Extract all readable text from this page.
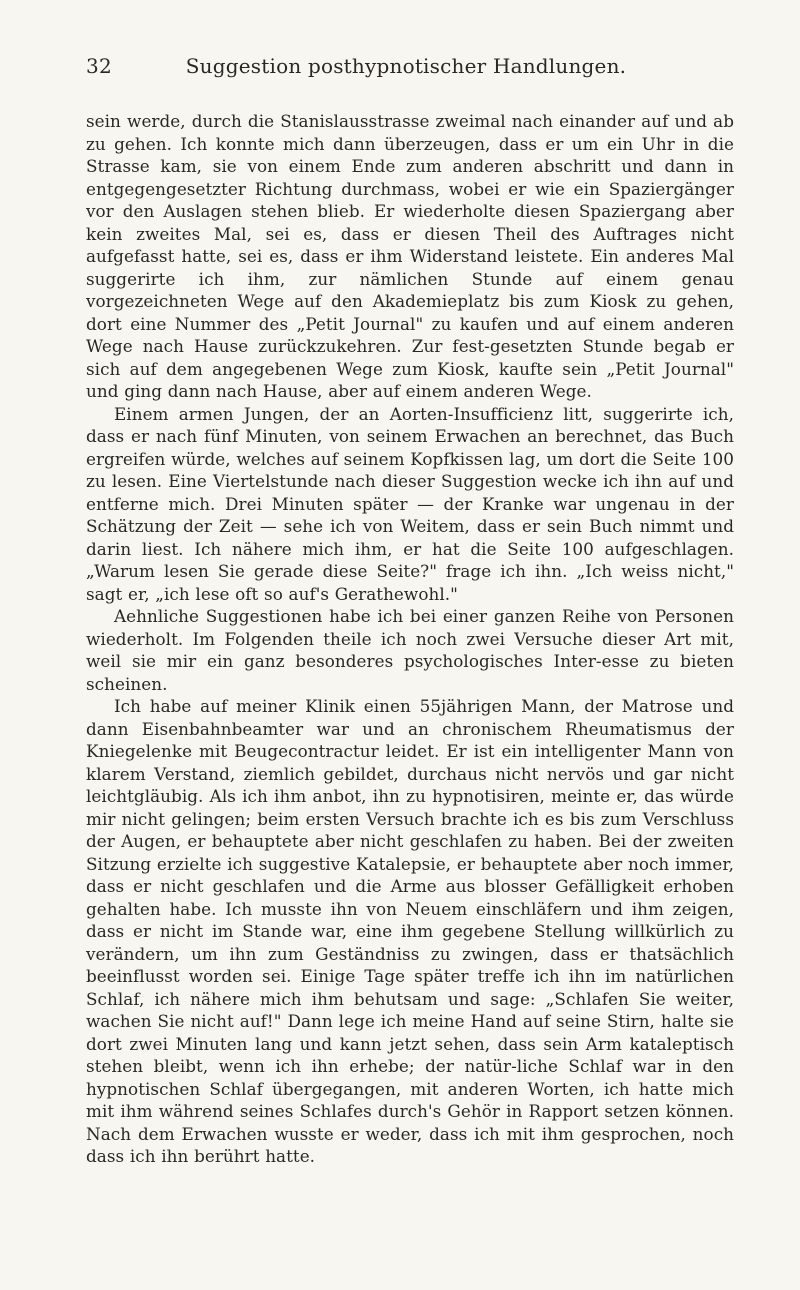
32	Suggestion posthypnotischer Handlungen.

sein werde, durch die Stanislausstrasse zweimal nach einander auf und ab zu gehen. Ich konnte mich dann überzeugen, dass er um ein Uhr in die Strasse kam, sie von einem Ende zum anderen abschritt und dann in entgegengesetzter Richtung durchmass, wobei er wie ein Spaziergänger vor den Auslagen stehen blieb. Er wiederholte diesen Spaziergang aber kein zweites Mal, sei es, dass er diesen Theil des Auftrages nicht aufgefasst hatte, sei es, dass er ihm Widerstand leistete. Ein anderes Mal suggerirte ich ihm, zur nämlichen Stunde auf einem genau vorgezeichneten Wege auf den Akademieplatz bis zum Kiosk zu gehen, dort eine Nummer des „Petit Journal" zu kaufen und auf einem anderen Wege nach Hause zurückzukehren. Zur fest-gesetzten Stunde begab er sich auf dem angegebenen Wege zum Kiosk, kaufte sein „Petit Journal" und ging dann nach Hause, aber auf einem anderen Wege.

Einem armen Jungen, der an Aorten-Insufficienz litt, suggerirte ich, dass er nach fünf Minuten, von seinem Erwachen an berechnet, das Buch ergreifen würde, welches auf seinem Kopfkissen lag, um dort die Seite 100 zu lesen. Eine Viertelstunde nach dieser Suggestion wecke ich ihn auf und entferne mich. Drei Minuten später — der Kranke war ungenau in der Schätzung der Zeit — sehe ich von Weitem, dass er sein Buch nimmt und darin liest. Ich nähere mich ihm, er hat die Seite 100 aufgeschlagen. „Warum lesen Sie gerade diese Seite?" frage ich ihn. „Ich weiss nicht," sagt er, „ich lese oft so auf's Gerathewohl."

Aehnliche Suggestionen habe ich bei einer ganzen Reihe von Personen wiederholt. Im Folgenden theile ich noch zwei Versuche dieser Art mit, weil sie mir ein ganz besonderes psychologisches Inter-esse zu bieten scheinen.

Ich habe auf meiner Klinik einen 55jährigen Mann, der Matrose und dann Eisenbahnbeamter war und an chronischem Rheumatismus der Kniegelenke mit Beugecontractur leidet. Er ist ein intelligenter Mann von klarem Verstand, ziemlich gebildet, durchaus nicht nervös und gar nicht leichtgläubig. Als ich ihm anbot, ihn zu hypnotisiren, meinte er, das würde mir nicht gelingen; beim ersten Versuch brachte ich es bis zum Verschluss der Augen, er behauptete aber nicht geschlafen zu haben. Bei der zweiten Sitzung erzielte ich suggestive Katalepsie, er behauptete aber noch immer, dass er nicht geschlafen und die Arme aus blosser Gefälligkeit erhoben gehalten habe. Ich musste ihn von Neuem einschläfern und ihm zeigen, dass er nicht im Stande war, eine ihm gegebene Stellung willkürlich zu verändern, um ihn zum Geständniss zu zwingen, dass er thatsächlich beeinflusst worden sei. Einige Tage später treffe ich ihn im natürlichen Schlaf, ich nähere mich ihm behutsam und sage: „Schlafen Sie weiter, wachen Sie nicht auf!" Dann lege ich meine Hand auf seine Stirn, halte sie dort zwei Minuten lang und kann jetzt sehen, dass sein Arm kataleptisch stehen bleibt, wenn ich ihn erhebe; der natür-liche Schlaf war in den hypnotischen Schlaf übergegangen, mit anderen Worten, ich hatte mich mit ihm während seines Schlafes durch's Gehör in Rapport setzen können. Nach dem Erwachen wusste er weder, dass ich mit ihm gesprochen, noch dass ich ihn berührt hatte.
